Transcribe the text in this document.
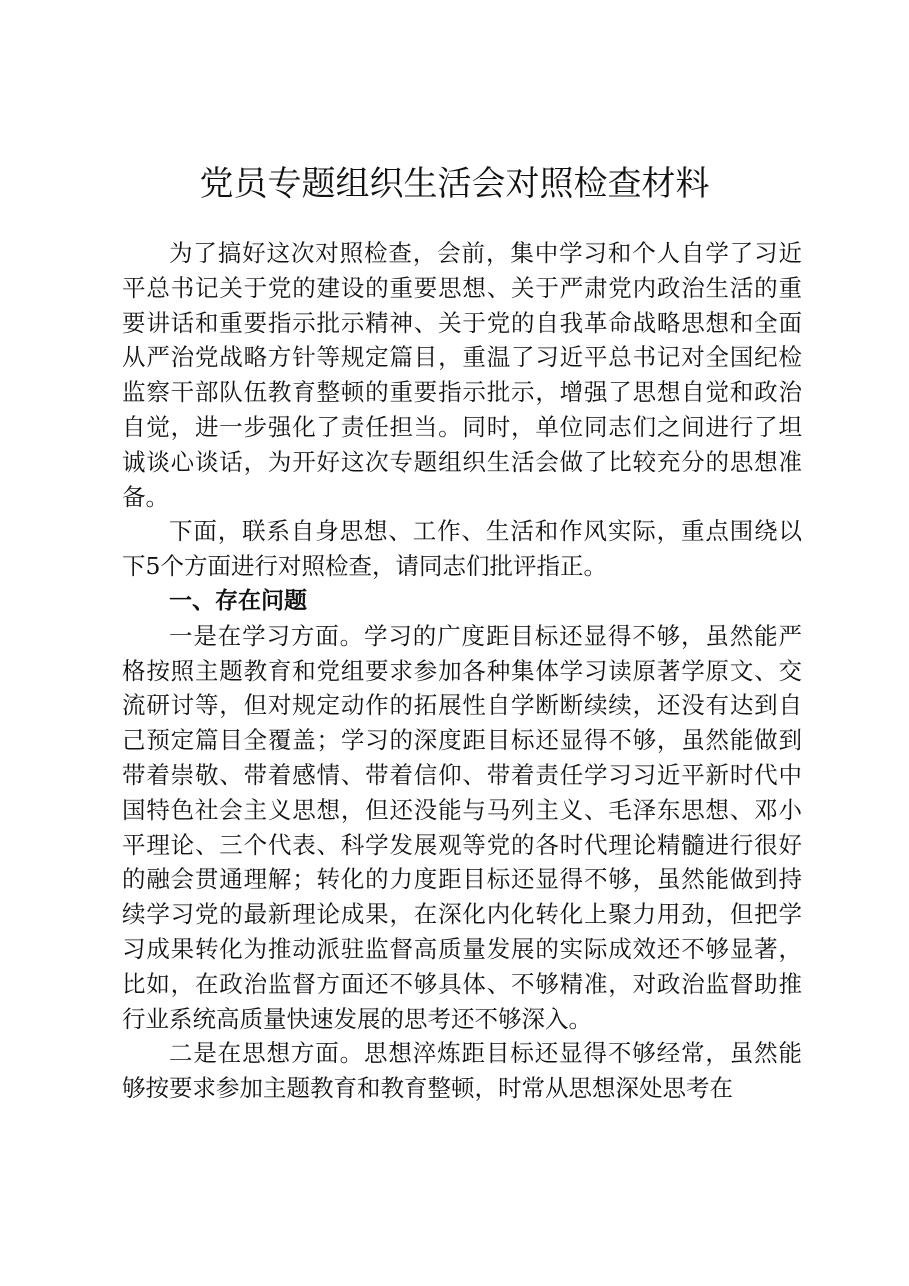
党员专题组织生活会对照检查材料

为了搞好这次对照检查，会前，集中学习和个人自学了习近平总书记关于党的建设的重要思想、关于严肃党内政治生活的重要讲话和重要指示批示精神、关于党的自我革命战略思想和全面从严治党战略方针等规定篇目，重温了习近平总书记对全国纪检监察干部队伍教育整顿的重要指示批示，增强了思想自觉和政治自觉，进一步强化了责任担当。同时，单位同志们之间进行了坦诚谈心谈话，为开好这次专题组织生活会做了比较充分的思想准备。

下面，联系自身思想、工作、生活和作风实际，重点围绕以下5个方面进行对照检查，请同志们批评指正。

一、存在问题

一是在学习方面。学习的广度距目标还显得不够，虽然能严格按照主题教育和党组要求参加各种集体学习读原著学原文、交流研讨等，但对规定动作的拓展性自学断断续续，还没有达到自己预定篇目全覆盖；学习的深度距目标还显得不够，虽然能做到带着崇敬、带着感情、带着信仰、带着责任学习习近平新时代中国特色社会主义思想，但还没能与马列主义、毛泽东思想、邓小平理论、三个代表、科学发展观等党的各时代理论精髓进行很好的融会贯通理解；转化的力度距目标还显得不够，虽然能做到持续学习党的最新理论成果，在深化内化转化上聚力用劲，但把学习成果转化为推动派驻监督高质量发展的实际成效还不够显著，比如，在政治监督方面还不够具体、不够精准，对政治监督助推行业系统高质量快速发展的思考还不够深入。

二是在思想方面。思想淬炼距目标还显得不够经常，虽然能够按要求参加主题教育和教育整顿，时常从思想深处思考在
